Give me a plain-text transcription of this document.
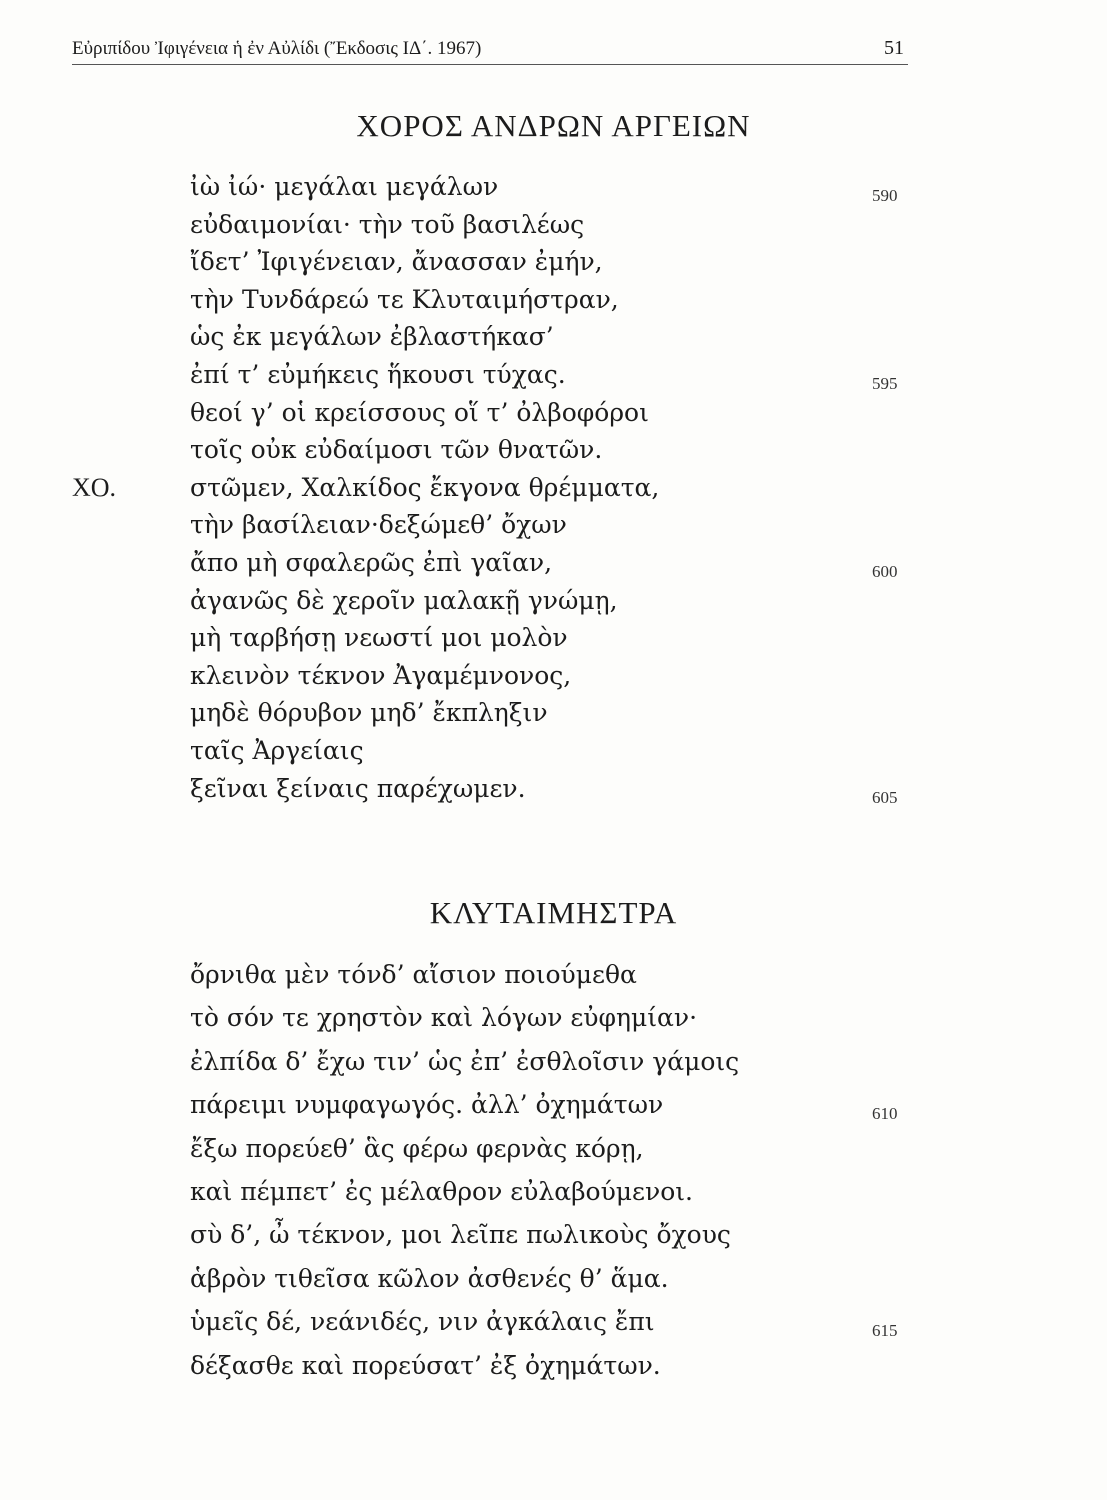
Εὐριπίδου Ἰφιγένεια ἡ ἐν Αὐλίδι (Ἔκδοσις ΙΔ΄. 1967)	51
ΧΟΡΟΣ ΑΝΔΡΩΝ ΑΡΓΕΙΩΝ
ἰὼ ἰώ· μεγάλαι μεγάλων	590
εὐδαιμονίαι· τὴν τοῦ βασιλέως
ἴδετ’ Ἰφιγένειαν, ἄνασσαν ἐμήν,
τὴν Τυνδάρεώ τε Κλυταιμήστραν,
ὡς ἐκ μεγάλων ἐβλαστήκασ’
ἐπί τ’ εὐμήκεις ἥκουσι τύχας.	595
θεοί γ’ οἱ κρείσσους οἵ τ’ ὀλβοφόροι
τοῖς οὐκ εὐδαίμοσι τῶν θνατῶν.
ΧΟ.	στῶμεν, Χαλκίδος ἔκγονα θρέμματα,
τὴν βασίλειαν·δεξώμεθ’ ὄχων
ἄπο μὴ σφαλερῶς ἐπὶ γαῖαν,	600
ἀγανῶς δὲ χεροῖν μαλακῇ γνώμῃ,
μὴ ταρβήσῃ νεωστί μοι μολὸν
κλεινὸν τέκνον Ἀγαμέμνονος,
μηδὲ θόρυβον μηδ’ ἔκπληξιν
ταῖς Ἀργείαις
ξεῖναι ξείναις παρέχωμεν.	605
ΚΛΥΤΑΙΜΗΣΤΡΑ
ὄρνιθα μὲν τόνδ’ αἴσιον ποιούμεθα
τὸ σόν τε χρηστὸν καὶ λόγων εὐφημίαν·
ἐλπίδα δ’ ἔχω τιν’ ὡς ἐπ’ ἐσθλοῖσιν γάμοις
πάρειμι νυμφαγωγός. ἀλλ’ ὀχημάτων	610
ἔξω πορεύεθ’ ἃς φέρω φερνὰς κόρῃ,
καὶ πέμπετ’ ἐς μέλαθρον εὐλαβούμενοι.
σὺ δ’, ὦ τέκνον, μοι λεῖπε πωλικοὺς ὄχους
ἁβρὸν τιθεῖσα κῶλον ἀσθενές θ’ ἅμα.
ὑμεῖς δέ, νεάνιδές, νιν ἀγκάλαις ἔπι	615
δέξασθε καὶ πορεύσατ’ ἐξ ὀχημάτων.
